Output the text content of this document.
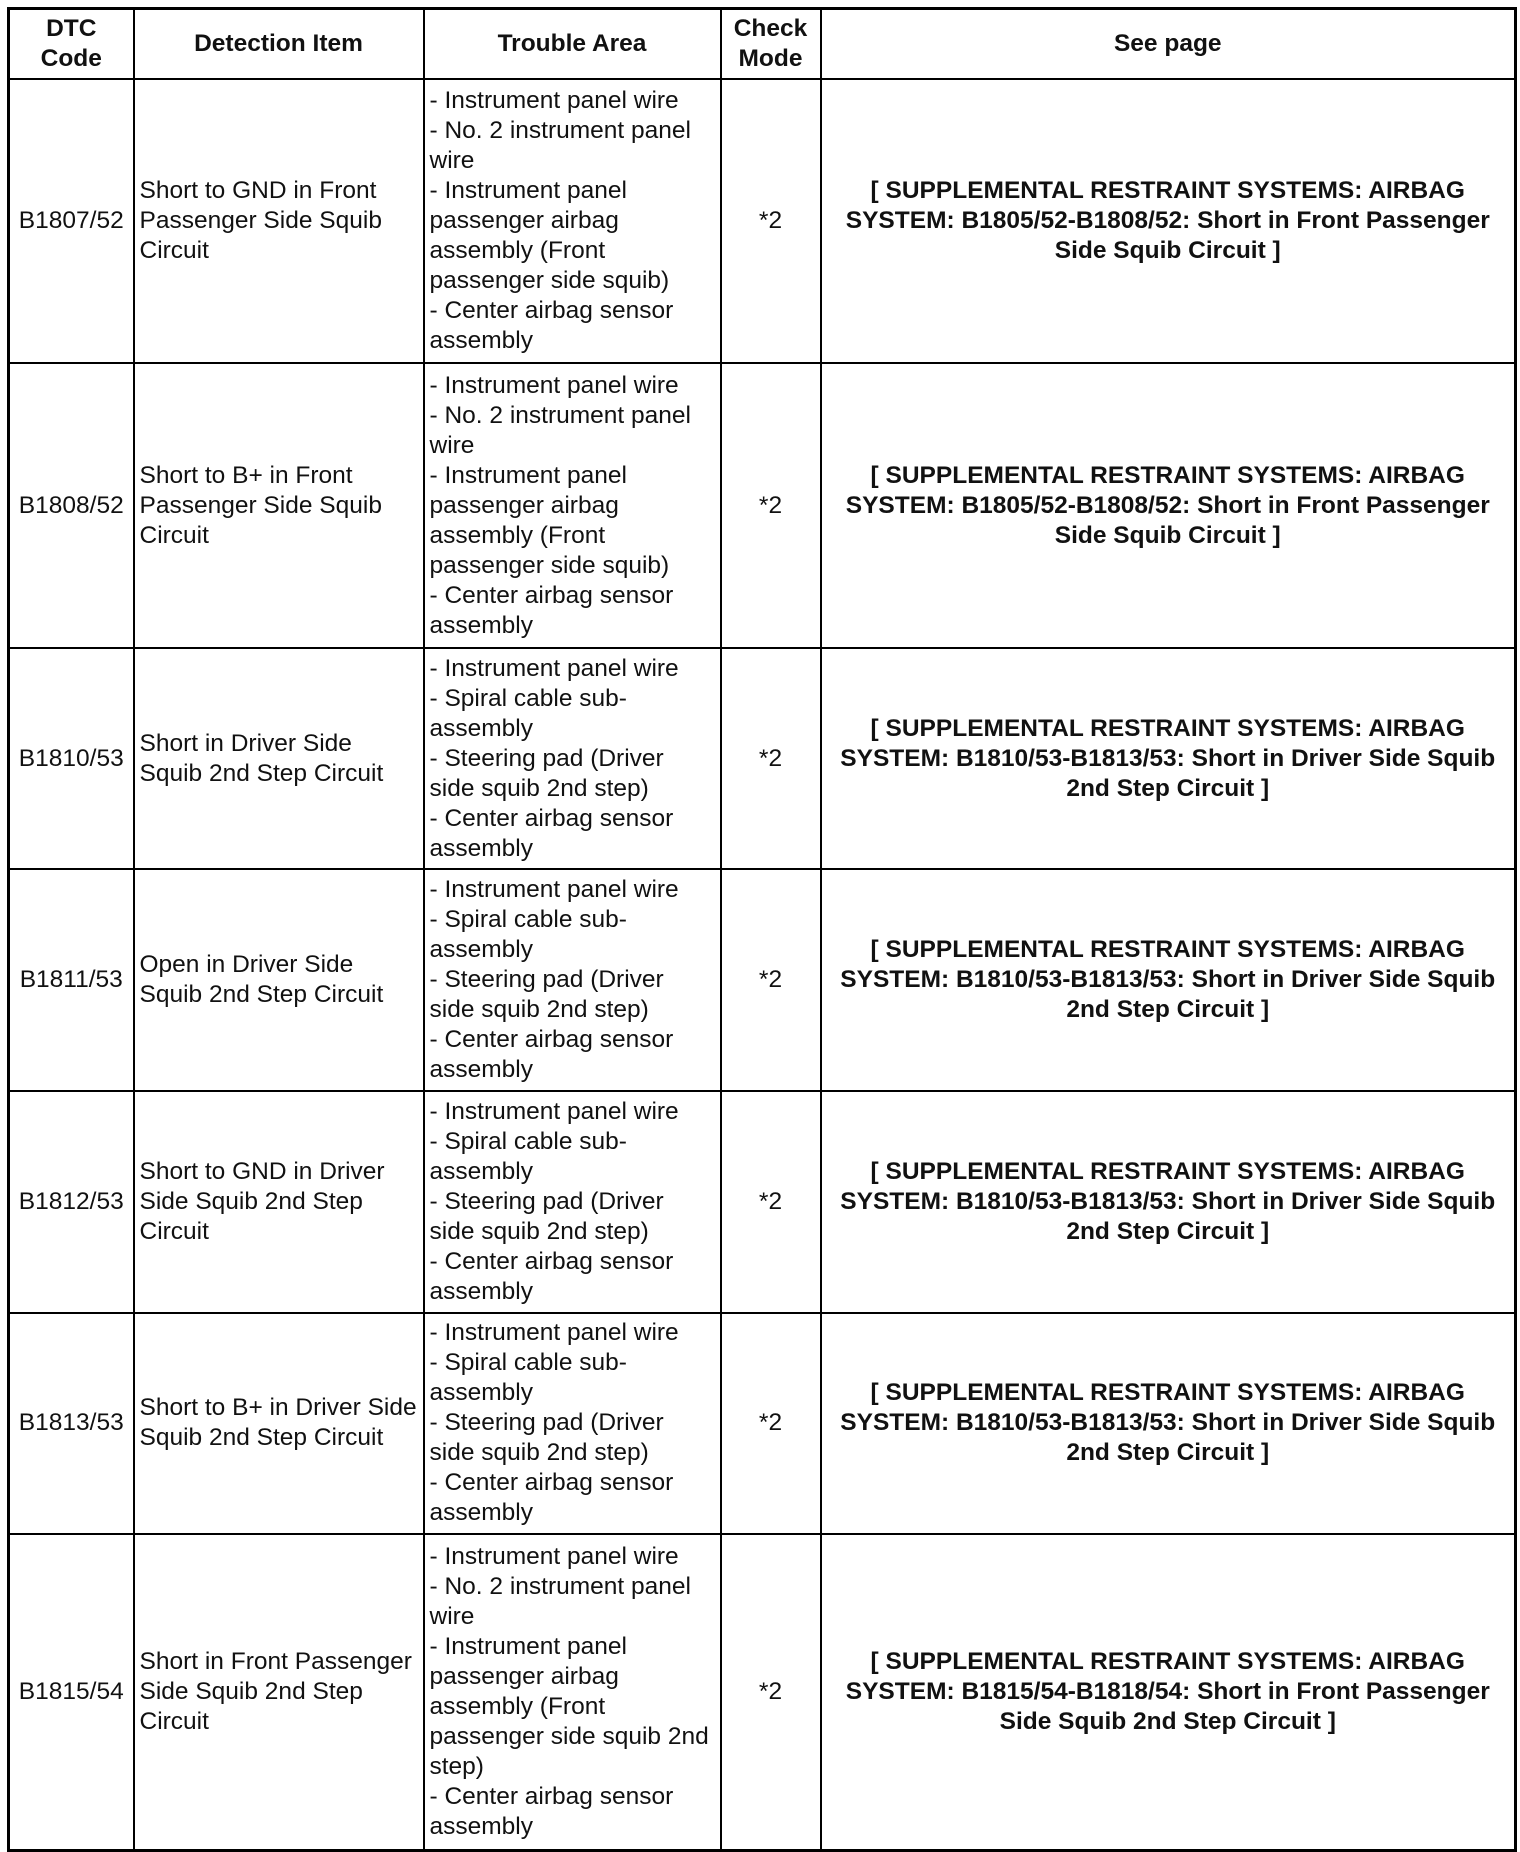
DTC
Code	Detection Item	Trouble Area	Check
Mode	See page
B1807/52	Short to GND in Front Passenger Side Squib Circuit	- Instrument panel wire
- No. 2 instrument panel wire
- Instrument panel passenger airbag assembly (Front passenger side squib)
- Center airbag sensor assembly	*2	[ SUPPLEMENTAL RESTRAINT SYSTEMS: AIRBAG SYSTEM: B1805/52-B1808/52: Short in Front Passenger Side Squib Circuit ]
B1808/52	Short to B+ in Front Passenger Side Squib Circuit	- Instrument panel wire
- No. 2 instrument panel wire
- Instrument panel passenger airbag assembly (Front passenger side squib)
- Center airbag sensor assembly	*2	[ SUPPLEMENTAL RESTRAINT SYSTEMS: AIRBAG SYSTEM: B1805/52-B1808/52: Short in Front Passenger Side Squib Circuit ]
B1810/53	Short in Driver Side Squib 2nd Step Circuit	- Instrument panel wire
- Spiral cable sub-assembly
- Steering pad (Driver side squib 2nd step)
- Center airbag sensor assembly	*2	[ SUPPLEMENTAL RESTRAINT SYSTEMS: AIRBAG SYSTEM: B1810/53-B1813/53: Short in Driver Side Squib 2nd Step Circuit ]
B1811/53	Open in Driver Side Squib 2nd Step Circuit	- Instrument panel wire
- Spiral cable sub-assembly
- Steering pad (Driver side squib 2nd step)
- Center airbag sensor assembly	*2	[ SUPPLEMENTAL RESTRAINT SYSTEMS: AIRBAG SYSTEM: B1810/53-B1813/53: Short in Driver Side Squib 2nd Step Circuit ]
B1812/53	Short to GND in Driver Side Squib 2nd Step Circuit	- Instrument panel wire
- Spiral cable sub-assembly
- Steering pad (Driver side squib 2nd step)
- Center airbag sensor assembly	*2	[ SUPPLEMENTAL RESTRAINT SYSTEMS: AIRBAG SYSTEM: B1810/53-B1813/53: Short in Driver Side Squib 2nd Step Circuit ]
B1813/53	Short to B+ in Driver Side Squib 2nd Step Circuit	- Instrument panel wire
- Spiral cable sub-assembly
- Steering pad (Driver side squib 2nd step)
- Center airbag sensor assembly	*2	[ SUPPLEMENTAL RESTRAINT SYSTEMS: AIRBAG SYSTEM: B1810/53-B1813/53: Short in Driver Side Squib 2nd Step Circuit ]
B1815/54	Short in Front Passenger Side Squib 2nd Step Circuit	- Instrument panel wire
- No. 2 instrument panel wire
- Instrument panel passenger airbag assembly (Front passenger side squib 2nd step)
- Center airbag sensor assembly	*2	[ SUPPLEMENTAL RESTRAINT SYSTEMS: AIRBAG SYSTEM: B1815/54-B1818/54: Short in Front Passenger Side Squib 2nd Step Circuit ]
